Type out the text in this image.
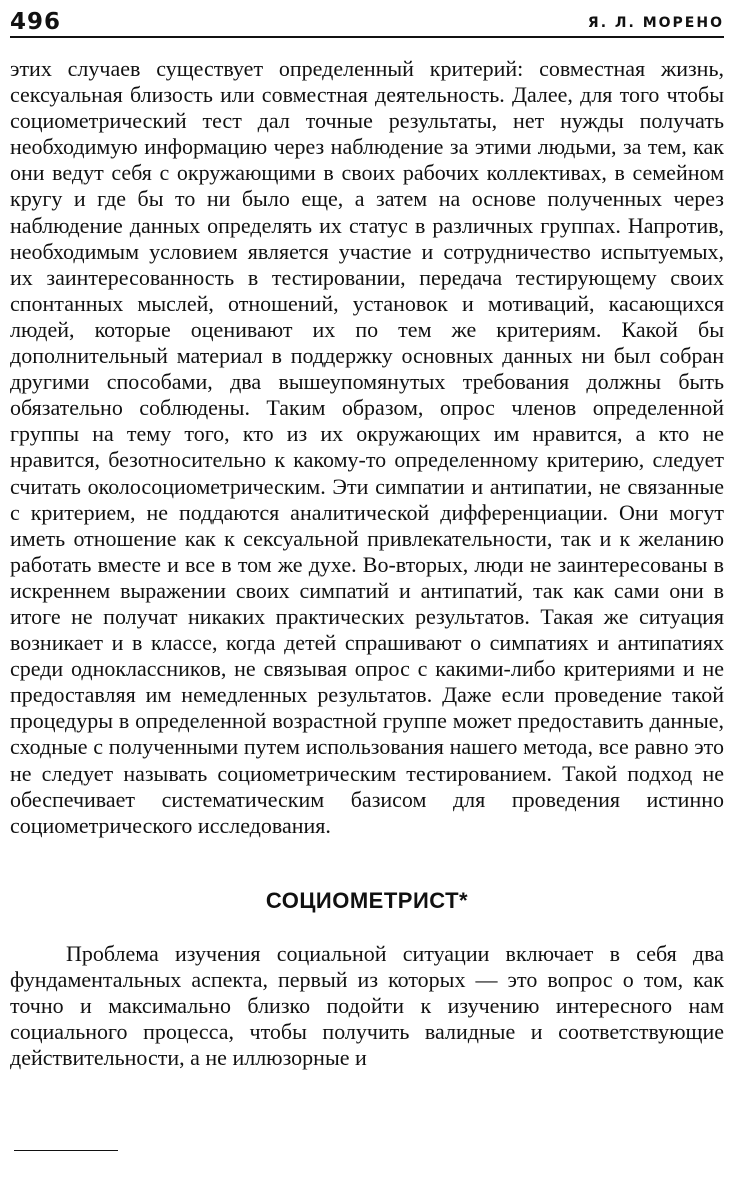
496	Я. Л. МОРЕНО

этих случаев существует определенный критерий: совместная жизнь, сексуальная близость или совместная деятельность. Далее, для того чтобы социометрический тест дал точные результаты, нет нужды получать необходимую информацию через наблюдение за этими людьми, за тем, как они ведут себя с окружающими в своих рабочих коллективах, в семейном кругу и где бы то ни было еще, а затем на основе полученных через наблюдение данных определять их статус в различных группах. Напротив, необходимым условием является участие и сотрудничество испытуемых, их заинтересованность в тестировании, передача тестирующему своих спонтанных мыслей, отношений, установок и мотиваций, касающихся людей, которые оценивают их по тем же критериям. Какой бы дополнительный материал в поддержку основных данных ни был собран другими способами, два вышеупомянутых требования должны быть обязательно соблюдены. Таким образом, опрос членов определенной группы на тему того, кто из их окружающих им нравится, а кто не нравится, безотносительно к какому-то определенному критерию, следует считать околосоциометрическим. Эти симпатии и антипатии, не связанные с критерием, не поддаются аналитической дифференциации. Они могут иметь отношение как к сексуальной привлекательности, так и к желанию работать вместе и все в том же духе. Во-вторых, люди не заинтересованы в искреннем выражении своих симпатий и антипатий, так как сами они в итоге не получат никаких практических результатов. Такая же ситуация возникает и в классе, когда детей спрашивают о симпатиях и антипатиях среди одноклассников, не связывая опрос с какими-либо критериями и не предоставляя им немедленных результатов. Даже если проведение такой процедуры в определенной возрастной группе может предоставить данные, сходные с полученными путем использования нашего метода, все равно это не следует называть социометрическим тестированием. Такой подход не обеспечивает систематическим базисом для проведения истинно социометрического исследования.

СОЦИОМЕТРИСТ*

Проблема изучения социальной ситуации включает в себя два фундаментальных аспекта, первый из которых — это вопрос о том, как точно и максимально близко подойти к изучению интересного нам социального процесса, чтобы получить валидные и соответствующие действительности, а не иллюзорные и
